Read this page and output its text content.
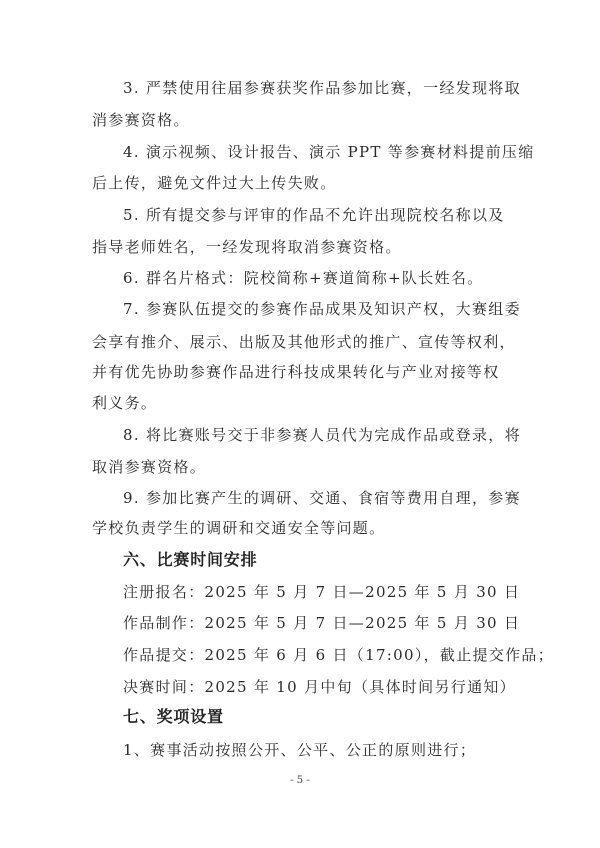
3. 严禁使用往届参赛获奖作品参加比赛，一经发现将取
消参赛资格。
4. 演示视频、设计报告、演示 PPT 等参赛材料提前压缩
后上传，避免文件过大上传失败。
5. 所有提交参与评审的作品不允许出现院校名称以及
指导老师姓名，一经发现将取消参赛资格。
6. 群名片格式：院校简称+赛道简称+队长姓名。
7. 参赛队伍提交的参赛作品成果及知识产权，大赛组委
会享有推介、展示、出版及其他形式的推广、宣传等权利，
并有优先协助参赛作品进行科技成果转化与产业对接等权
利义务。
8. 将比赛账号交于非参赛人员代为完成作品或登录，将
取消参赛资格。
9. 参加比赛产生的调研、交通、食宿等费用自理，参赛
学校负责学生的调研和交通安全等问题。
六、比赛时间安排
注册报名：2025 年 5 月 7 日—2025 年 5 月 30 日
作品制作：2025 年 5 月 7 日—2025 年 5 月 30 日
作品提交：2025 年 6 月 6 日（17:00），截止提交作品；
决赛时间：2025 年 10 月中旬（具体时间另行通知）
七、奖项设置
1、赛事活动按照公开、公平、公正的原则进行；
- 5 -
